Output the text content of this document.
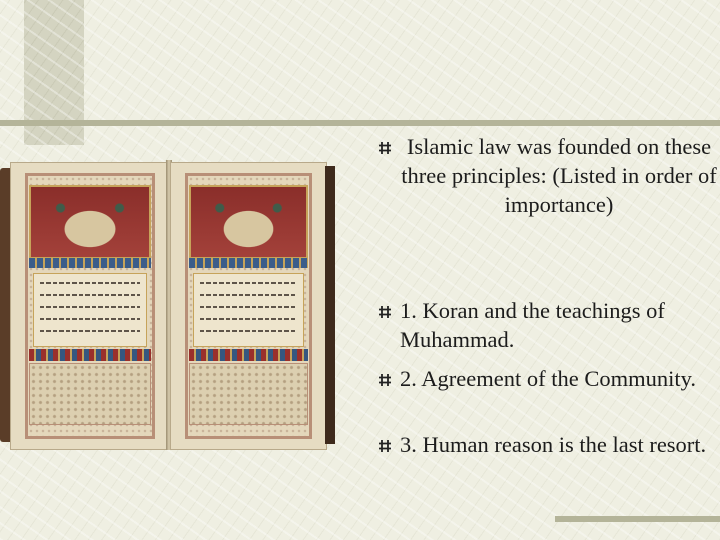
Islamic law was founded on these three principles: (Listed in order of importance)
1. Koran and the teachings of Muhammad.
2. Agreement of the Community.
3. Human reason is the last resort.
